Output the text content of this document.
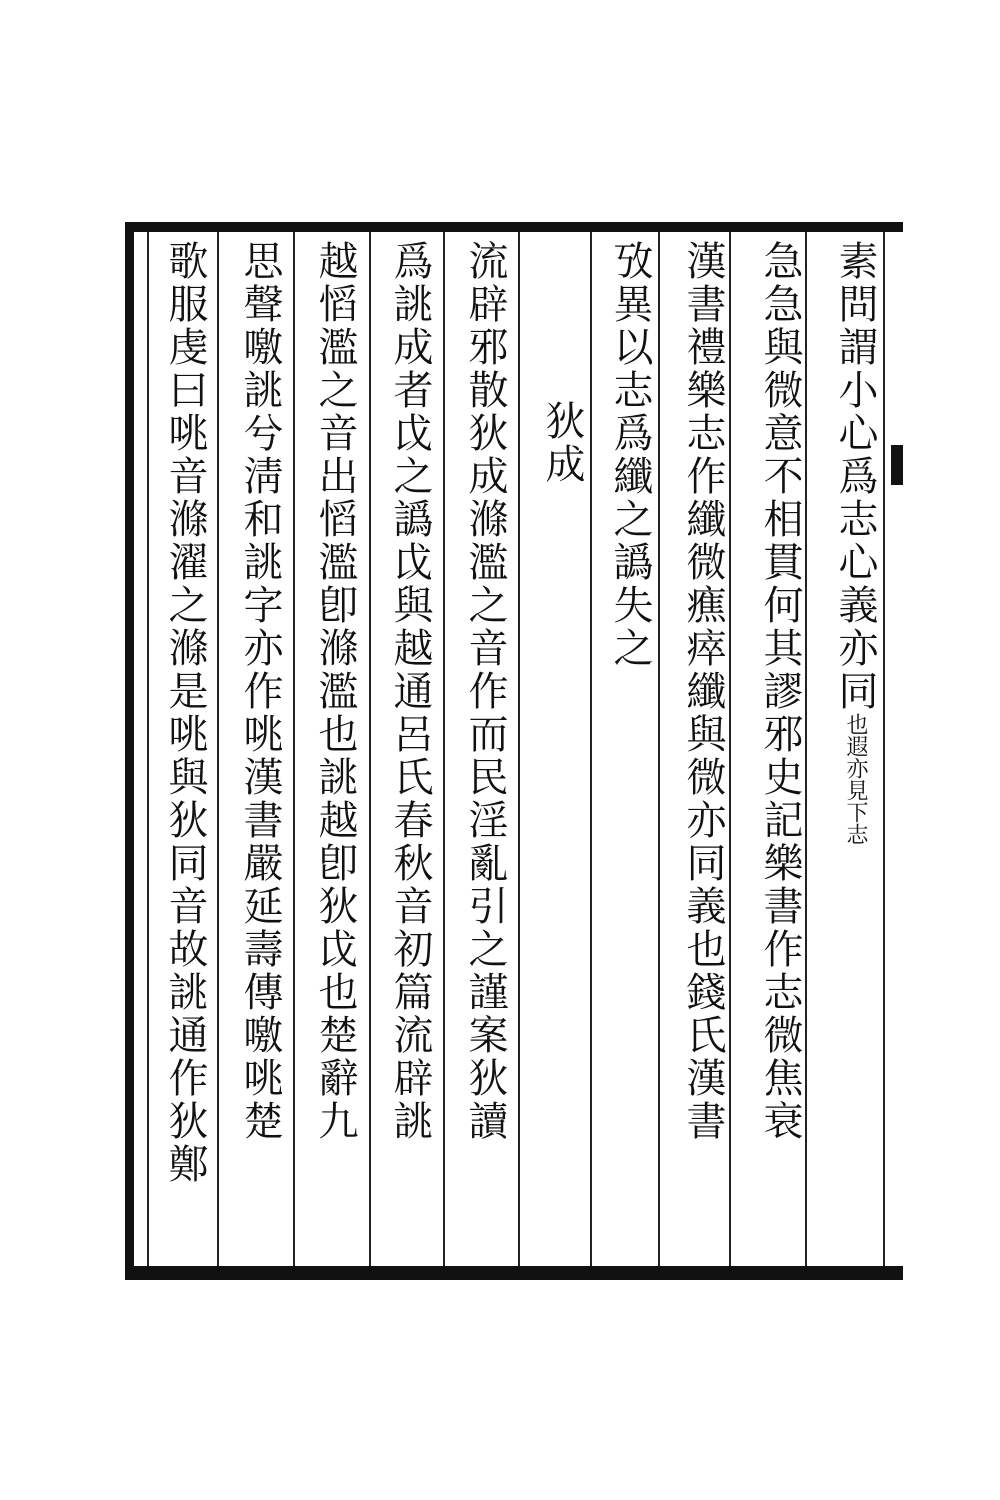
素問謂小心爲志心義亦同也遐亦見下志
急急與微意不相貫何其謬邪史記樂書作志微焦衰
漢書禮樂志作纖微癄瘁纖與微亦同義也錢氏漢書
攷異以志爲纖之譌失之
狄成
流辟邪散狄成滌濫之音作而民淫亂引之謹案狄讀
爲誂成者戉之譌戉與越通呂氏春秋音初篇流辟誂
越慆濫之音出慆濫卽滌濫也誂越卽狄戉也楚辭九
思聲噭誂兮淸和誂字亦作咷漢書嚴延壽傳噭咷楚
歌服虔曰咷音滌濯之滌是咷與狄同音故誂通作狄鄭
